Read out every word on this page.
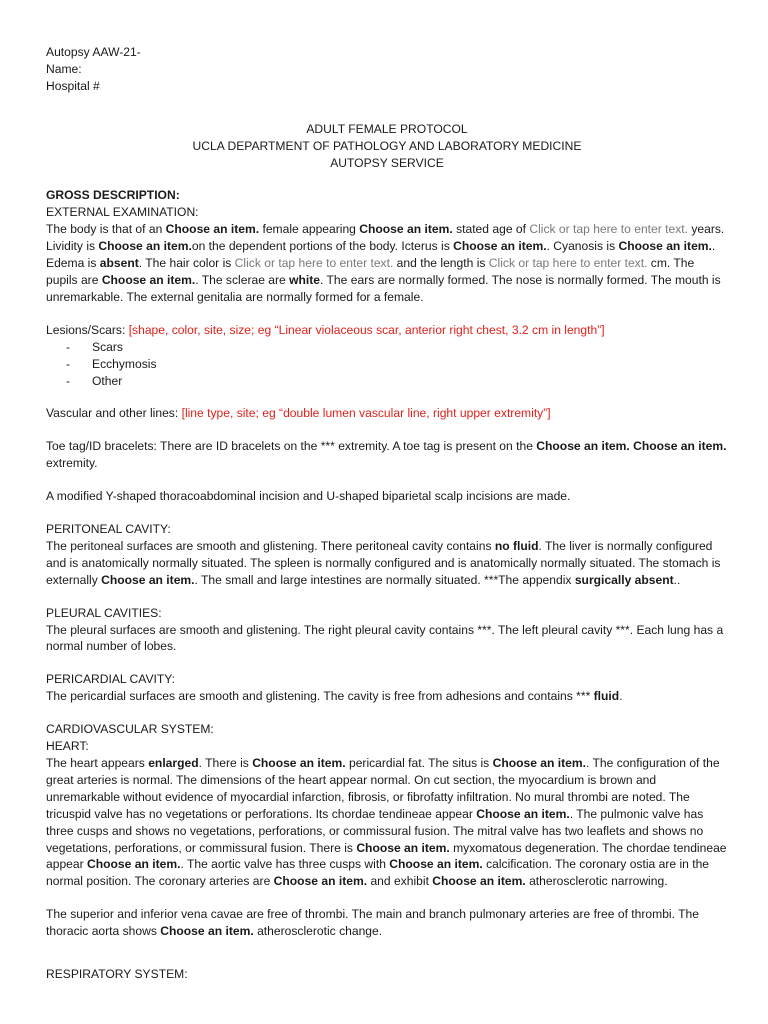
Autopsy AAW-21-

Name:

Hospital #

ADULT FEMALE PROTOCOL

UCLA DEPARTMENT OF PATHOLOGY AND LABORATORY MEDICINE

AUTOPSY SERVICE

GROSS DESCRIPTION:

EXTERNAL EXAMINATION:

The body is that of an Choose an item. female appearing Choose an item. stated age of Click or tap here to enter text. years. Lividity is Choose an item.on the dependent portions of the body. Icterus is Choose an item.. Cyanosis is Choose an item.. Edema is absent. The hair color is Click or tap here to enter text. and the length is Click or tap here to enter text. cm. The pupils are Choose an item.. The sclerae are white. The ears are normally formed. The nose is normally formed. The mouth is unremarkable. The external genitalia are normally formed for a female.

Lesions/Scars: [shape, color, site, size; eg “Linear violaceous scar, anterior right chest, 3.2 cm in length”]

- Scars
- Ecchymosis
- Other

Vascular and other lines: [line type, site; eg “double lumen vascular line, right upper extremity”]

Toe tag/ID bracelets: There are ID bracelets on the *** extremity. A toe tag is present on the Choose an item. Choose an item. extremity.

A modified Y-shaped thoracoabdominal incision and U-shaped biparietal scalp incisions are made.

PERITONEAL CAVITY:

The peritoneal surfaces are smooth and glistening. There peritoneal cavity contains no fluid. The liver is normally configured and is anatomically normally situated. The spleen is normally configured and is anatomically normally situated. The stomach is externally Choose an item.. The small and large intestines are normally situated. ***The appendix surgically absent..

PLEURAL CAVITIES:

The pleural surfaces are smooth and glistening. The right pleural cavity contains ***. The left pleural cavity ***. Each lung has a normal number of lobes.

PERICARDIAL CAVITY:

The pericardial surfaces are smooth and glistening. The cavity is free from adhesions and contains *** fluid.

CARDIOVASCULAR SYSTEM:

HEART:

The heart appears enlarged. There is Choose an item. pericardial fat. The situs is Choose an item.. The configuration of the great arteries is normal. The dimensions of the heart appear normal. On cut section, the myocardium is brown and unremarkable without evidence of myocardial infarction, fibrosis, or fibrofatty infiltration. No mural thrombi are noted. The tricuspid valve has no vegetations or perforations. Its chordae tendineae appear Choose an item.. The pulmonic valve has three cusps and shows no vegetations, perforations, or commissural fusion. The mitral valve has two leaflets and shows no vegetations, perforations, or commissural fusion. There is Choose an item. myxomatous degeneration. The chordae tendineae appear Choose an item.. The aortic valve has three cusps with Choose an item. calcification. The coronary ostia are in the normal position. The coronary arteries are Choose an item. and exhibit Choose an item. atherosclerotic narrowing.

The superior and inferior vena cavae are free of thrombi. The main and branch pulmonary arteries are free of thrombi. The thoracic aorta shows Choose an item. atherosclerotic change.

RESPIRATORY SYSTEM:
